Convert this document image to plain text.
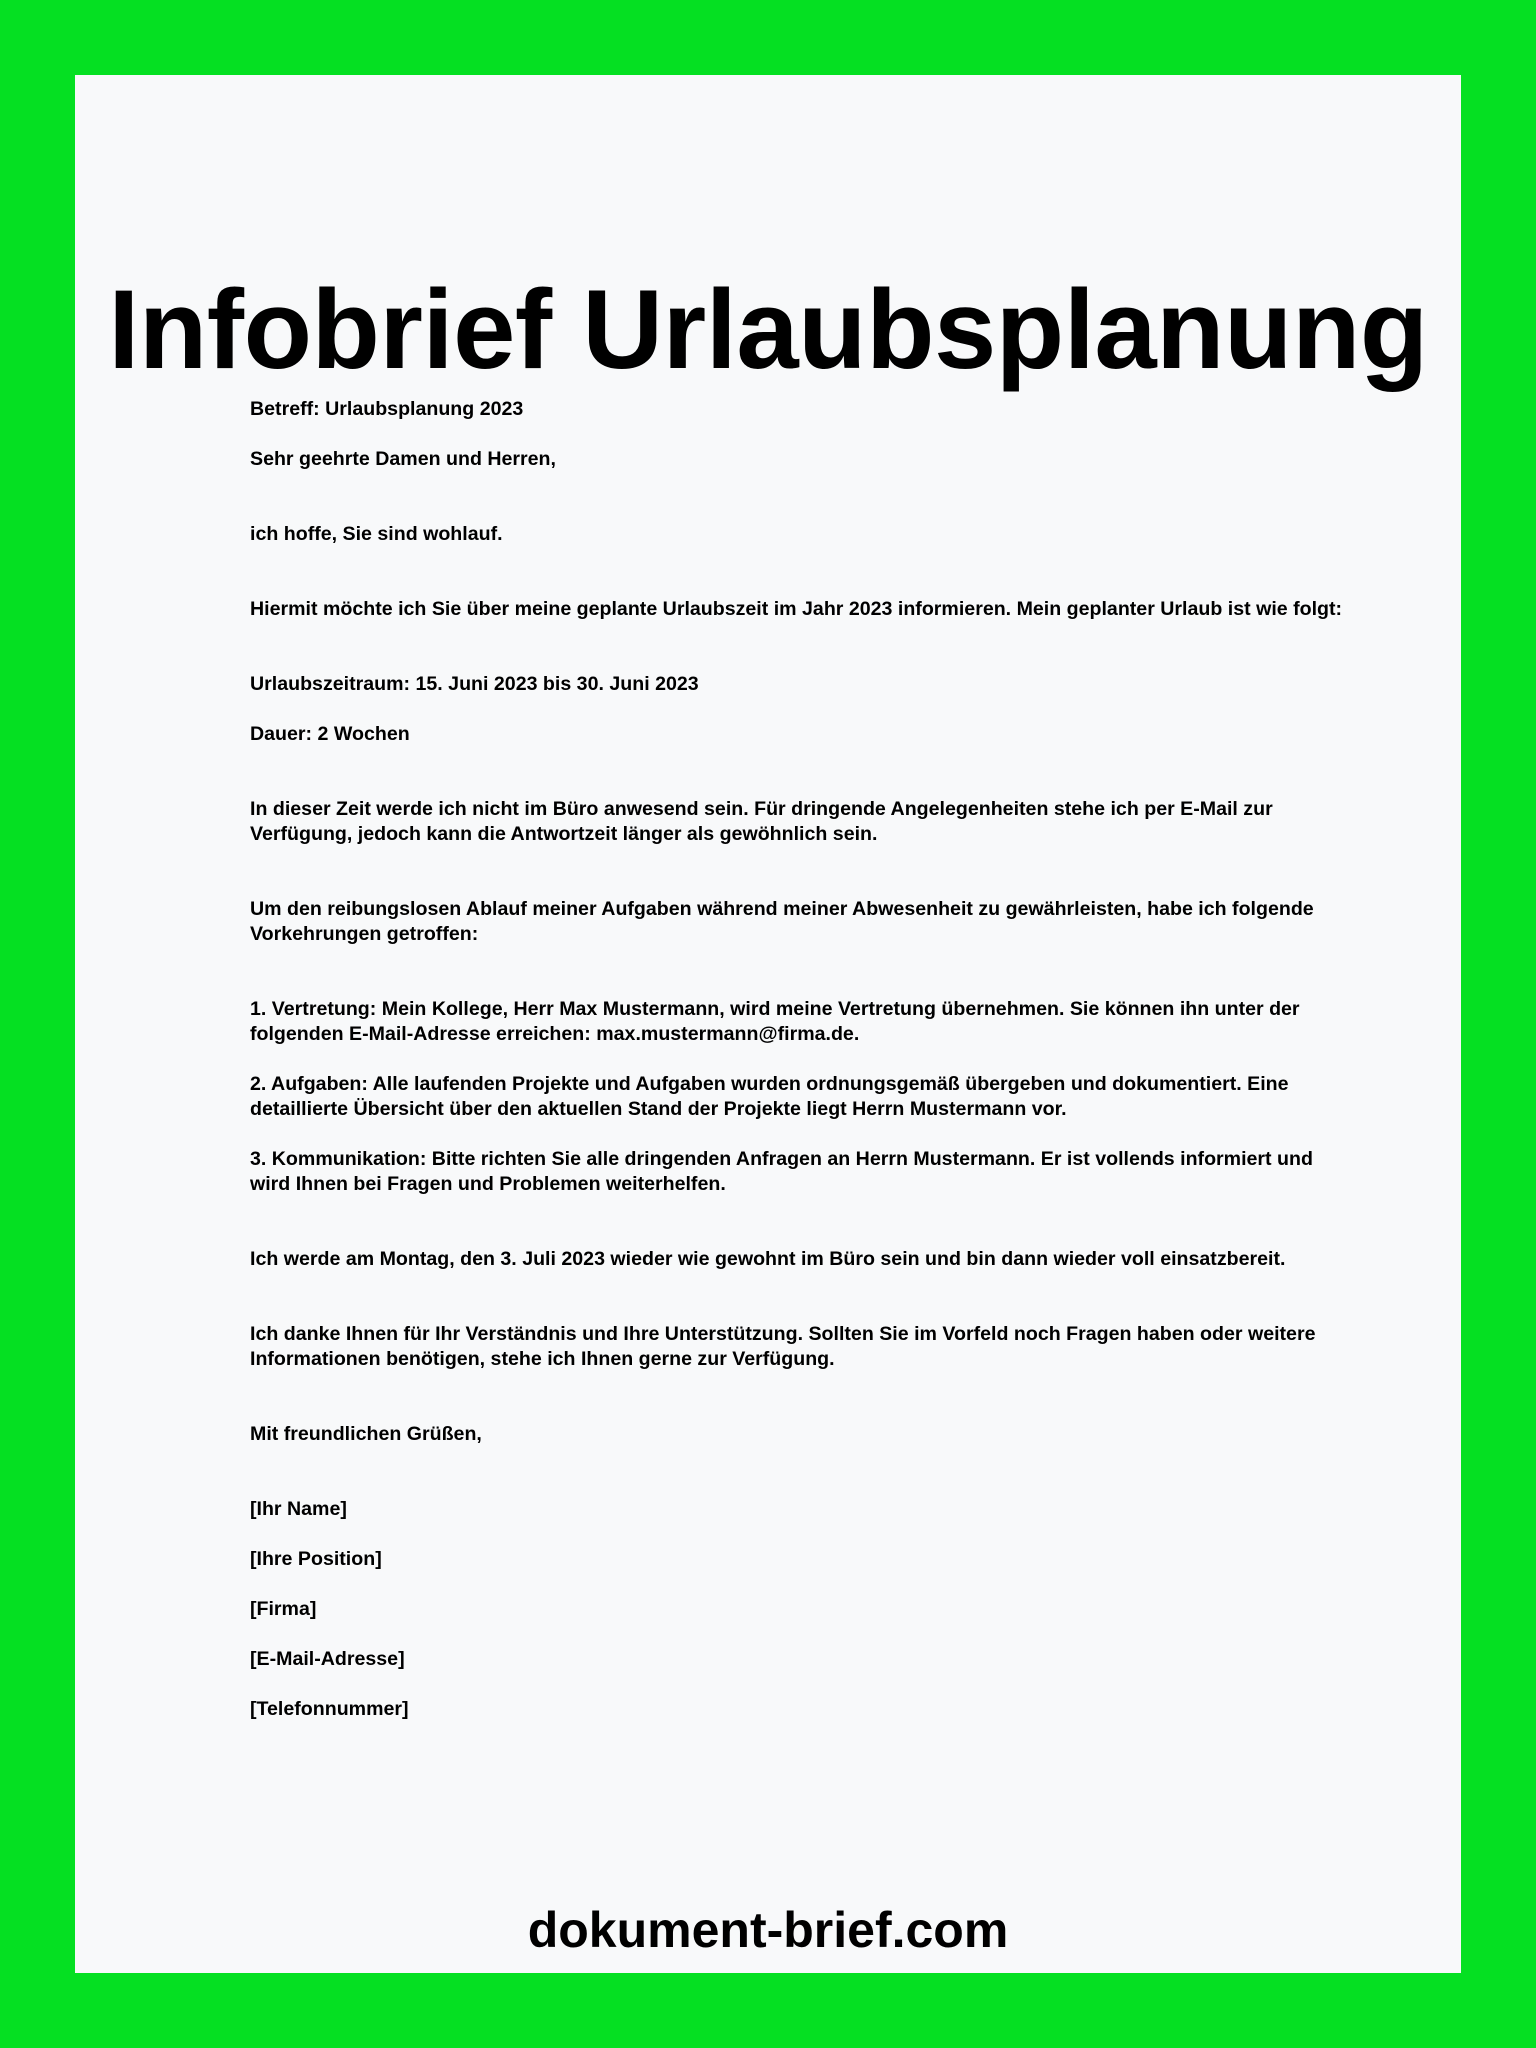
Infobrief Urlaubsplanung

Betreff: Urlaubsplanung 2023

Sehr geehrte Damen und Herren,

ich hoffe, Sie sind wohlauf.

Hiermit möchte ich Sie über meine geplante Urlaubszeit im Jahr 2023 informieren. Mein geplanter Urlaub ist wie folgt:

Urlaubszeitraum: 15. Juni 2023 bis 30. Juni 2023

Dauer: 2 Wochen

In dieser Zeit werde ich nicht im Büro anwesend sein. Für dringende Angelegenheiten stehe ich per E-Mail zur Verfügung, jedoch kann die Antwortzeit länger als gewöhnlich sein.

Um den reibungslosen Ablauf meiner Aufgaben während meiner Abwesenheit zu gewährleisten, habe ich folgende Vorkehrungen getroffen:

1. Vertretung: Mein Kollege, Herr Max Mustermann, wird meine Vertretung übernehmen. Sie können ihn unter der folgenden E-Mail-Adresse erreichen: max.mustermann@firma.de.

2. Aufgaben: Alle laufenden Projekte und Aufgaben wurden ordnungsgemäß übergeben und dokumentiert. Eine detaillierte Übersicht über den aktuellen Stand der Projekte liegt Herrn Mustermann vor.

3. Kommunikation: Bitte richten Sie alle dringenden Anfragen an Herrn Mustermann. Er ist vollends informiert und wird Ihnen bei Fragen und Problemen weiterhelfen.

Ich werde am Montag, den 3. Juli 2023 wieder wie gewohnt im Büro sein und bin dann wieder voll einsatzbereit.

Ich danke Ihnen für Ihr Verständnis und Ihre Unterstützung. Sollten Sie im Vorfeld noch Fragen haben oder weitere Informationen benötigen, stehe ich Ihnen gerne zur Verfügung.

Mit freundlichen Grüßen,

[Ihr Name]

[Ihre Position]

[Firma]

[E-Mail-Adresse]

[Telefonnummer]

dokument-brief.com
